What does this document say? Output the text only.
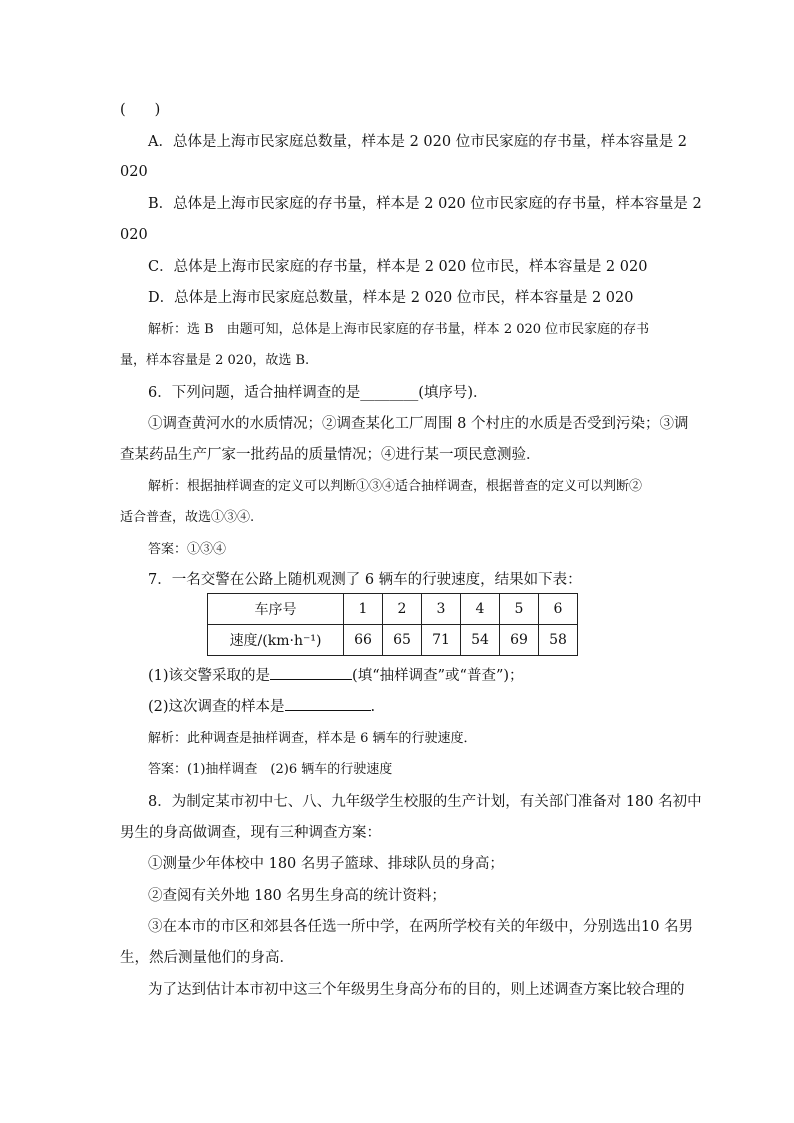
(　　)
A．总体是上海市民家庭总数量，样本是 2 020 位市民家庭的存书量，样本容量是 2
020
B．总体是上海市民家庭的存书量，样本是 2 020 位市民家庭的存书量，样本容量是 2
020
C．总体是上海市民家庭的存书量，样本是 2 020 位市民，样本容量是 2 020
D．总体是上海市民家庭总数量，样本是 2 020 位市民，样本容量是 2 020
解析：选 B　由题可知，总体是上海市民家庭的存书量，样本 2 020 位市民家庭的存书
量，样本容量是 2 020，故选 B.
6．下列问题，适合抽样调查的是________(填序号)．
①调查黄河水的水质情况；②调查某化工厂周围 8 个村庄的水质是否受到污染；③调
查某药品生产厂家一批药品的质量情况；④进行某一项民意测验．
解析：根据抽样调查的定义可以判断①③④适合抽样调查，根据普查的定义可以判断②
适合普查，故选①③④.
答案：①③④
7．一名交警在公路上随机观测了 6 辆车的行驶速度，结果如下表：
车序号	1	2	3	4	5	6
速度/(km·h⁻¹)	66	65	71	54	69	58
(1)该交警采取的是	(填“抽样调查”或“普查”)；
(2)这次调查的样本是	.
解析：此种调查是抽样调查，样本是 6 辆车的行驶速度．
答案：(1)抽样调查　(2)6 辆车的行驶速度
8．为制定某市初中七、八、九年级学生校服的生产计划，有关部门准备对 180 名初中
男生的身高做调查，现有三种调查方案：
①测量少年体校中 180 名男子篮球、排球队员的身高；
②查阅有关外地 180 名男生身高的统计资料；
③在本市的市区和郊县各任选一所中学，在两所学校有关的年级中，分别选出10 名男
生，然后测量他们的身高．
为了达到估计本市初中这三个年级男生身高分布的目的，则上述调查方案比较合理的
